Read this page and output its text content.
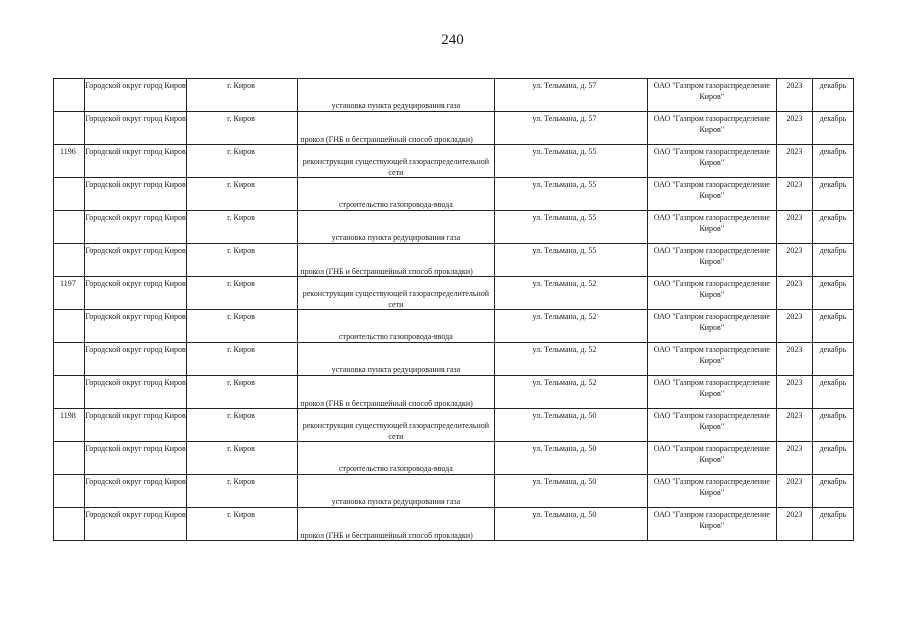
240

	Городской округ город Киров	г. Киров	установка пункта редуцирования газа	ул. Тельмана, д. 57	ОАО "Газпром газораспределение Киров"	2023	декабрь

	Городской округ город Киров	г. Киров	прокол (ГНБ и бестраншейный способ прокладки)	ул. Тельмана, д. 57	ОАО "Газпром газораспределение Киров"	2023	декабрь

1196	Городской округ город Киров	г. Киров	реконструкция существующей газораспределительной сети	ул. Тельмана, д. 55	ОАО "Газпром газораспределение Киров"	2023	декабрь

	Городской округ город Киров	г. Киров	строительство газопровода-ввода	ул. Тельмана, д. 55	ОАО "Газпром газораспределение Киров"	2023	декабрь

	Городской округ город Киров	г. Киров	установка пункта редуцирования газа	ул. Тельмана, д. 55	ОАО "Газпром газораспределение Киров"	2023	декабрь

	Городской округ город Киров	г. Киров	прокол (ГНБ и бестраншейный способ прокладки)	ул. Тельмана, д. 55	ОАО "Газпром газораспределение Киров"	2023	декабрь

1197	Городской округ город Киров	г. Киров	реконструкция существующей газораспределительной сети	ул. Тельмана, д. 52	ОАО "Газпром газораспределение Киров"	2023	декабрь

	Городской округ город Киров	г. Киров	строительство газопровода-ввода	ул. Тельмана, д. 52	ОАО "Газпром газораспределение Киров"	2023	декабрь

	Городской округ город Киров	г. Киров	установка пункта редуцирования газа	ул. Тельмана, д. 52	ОАО "Газпром газораспределение Киров"	2023	декабрь

	Городской округ город Киров	г. Киров	прокол (ГНБ и бестраншейный способ прокладки)	ул. Тельмана, д. 52	ОАО "Газпром газораспределение Киров"	2023	декабрь

1198	Городской округ город Киров	г. Киров	реконструкция существующей газораспределительной сети	ул. Тельмана, д. 50	ОАО "Газпром газораспределение Киров"	2023	декабрь

	Городской округ город Киров	г. Киров	строительство газопровода-ввода	ул. Тельмана, д. 50	ОАО "Газпром газораспределение Киров"	2023	декабрь

	Городской округ город Киров	г. Киров	установка пункта редуцирования газа	ул. Тельмана, д. 50	ОАО "Газпром газораспределение Киров"	2023	декабрь

	Городской округ город Киров	г. Киров	прокол (ГНБ и бестраншейный способ прокладки)	ул. Тельмана, д. 50	ОАО "Газпром газораспределение Киров"	2023	декабрь
